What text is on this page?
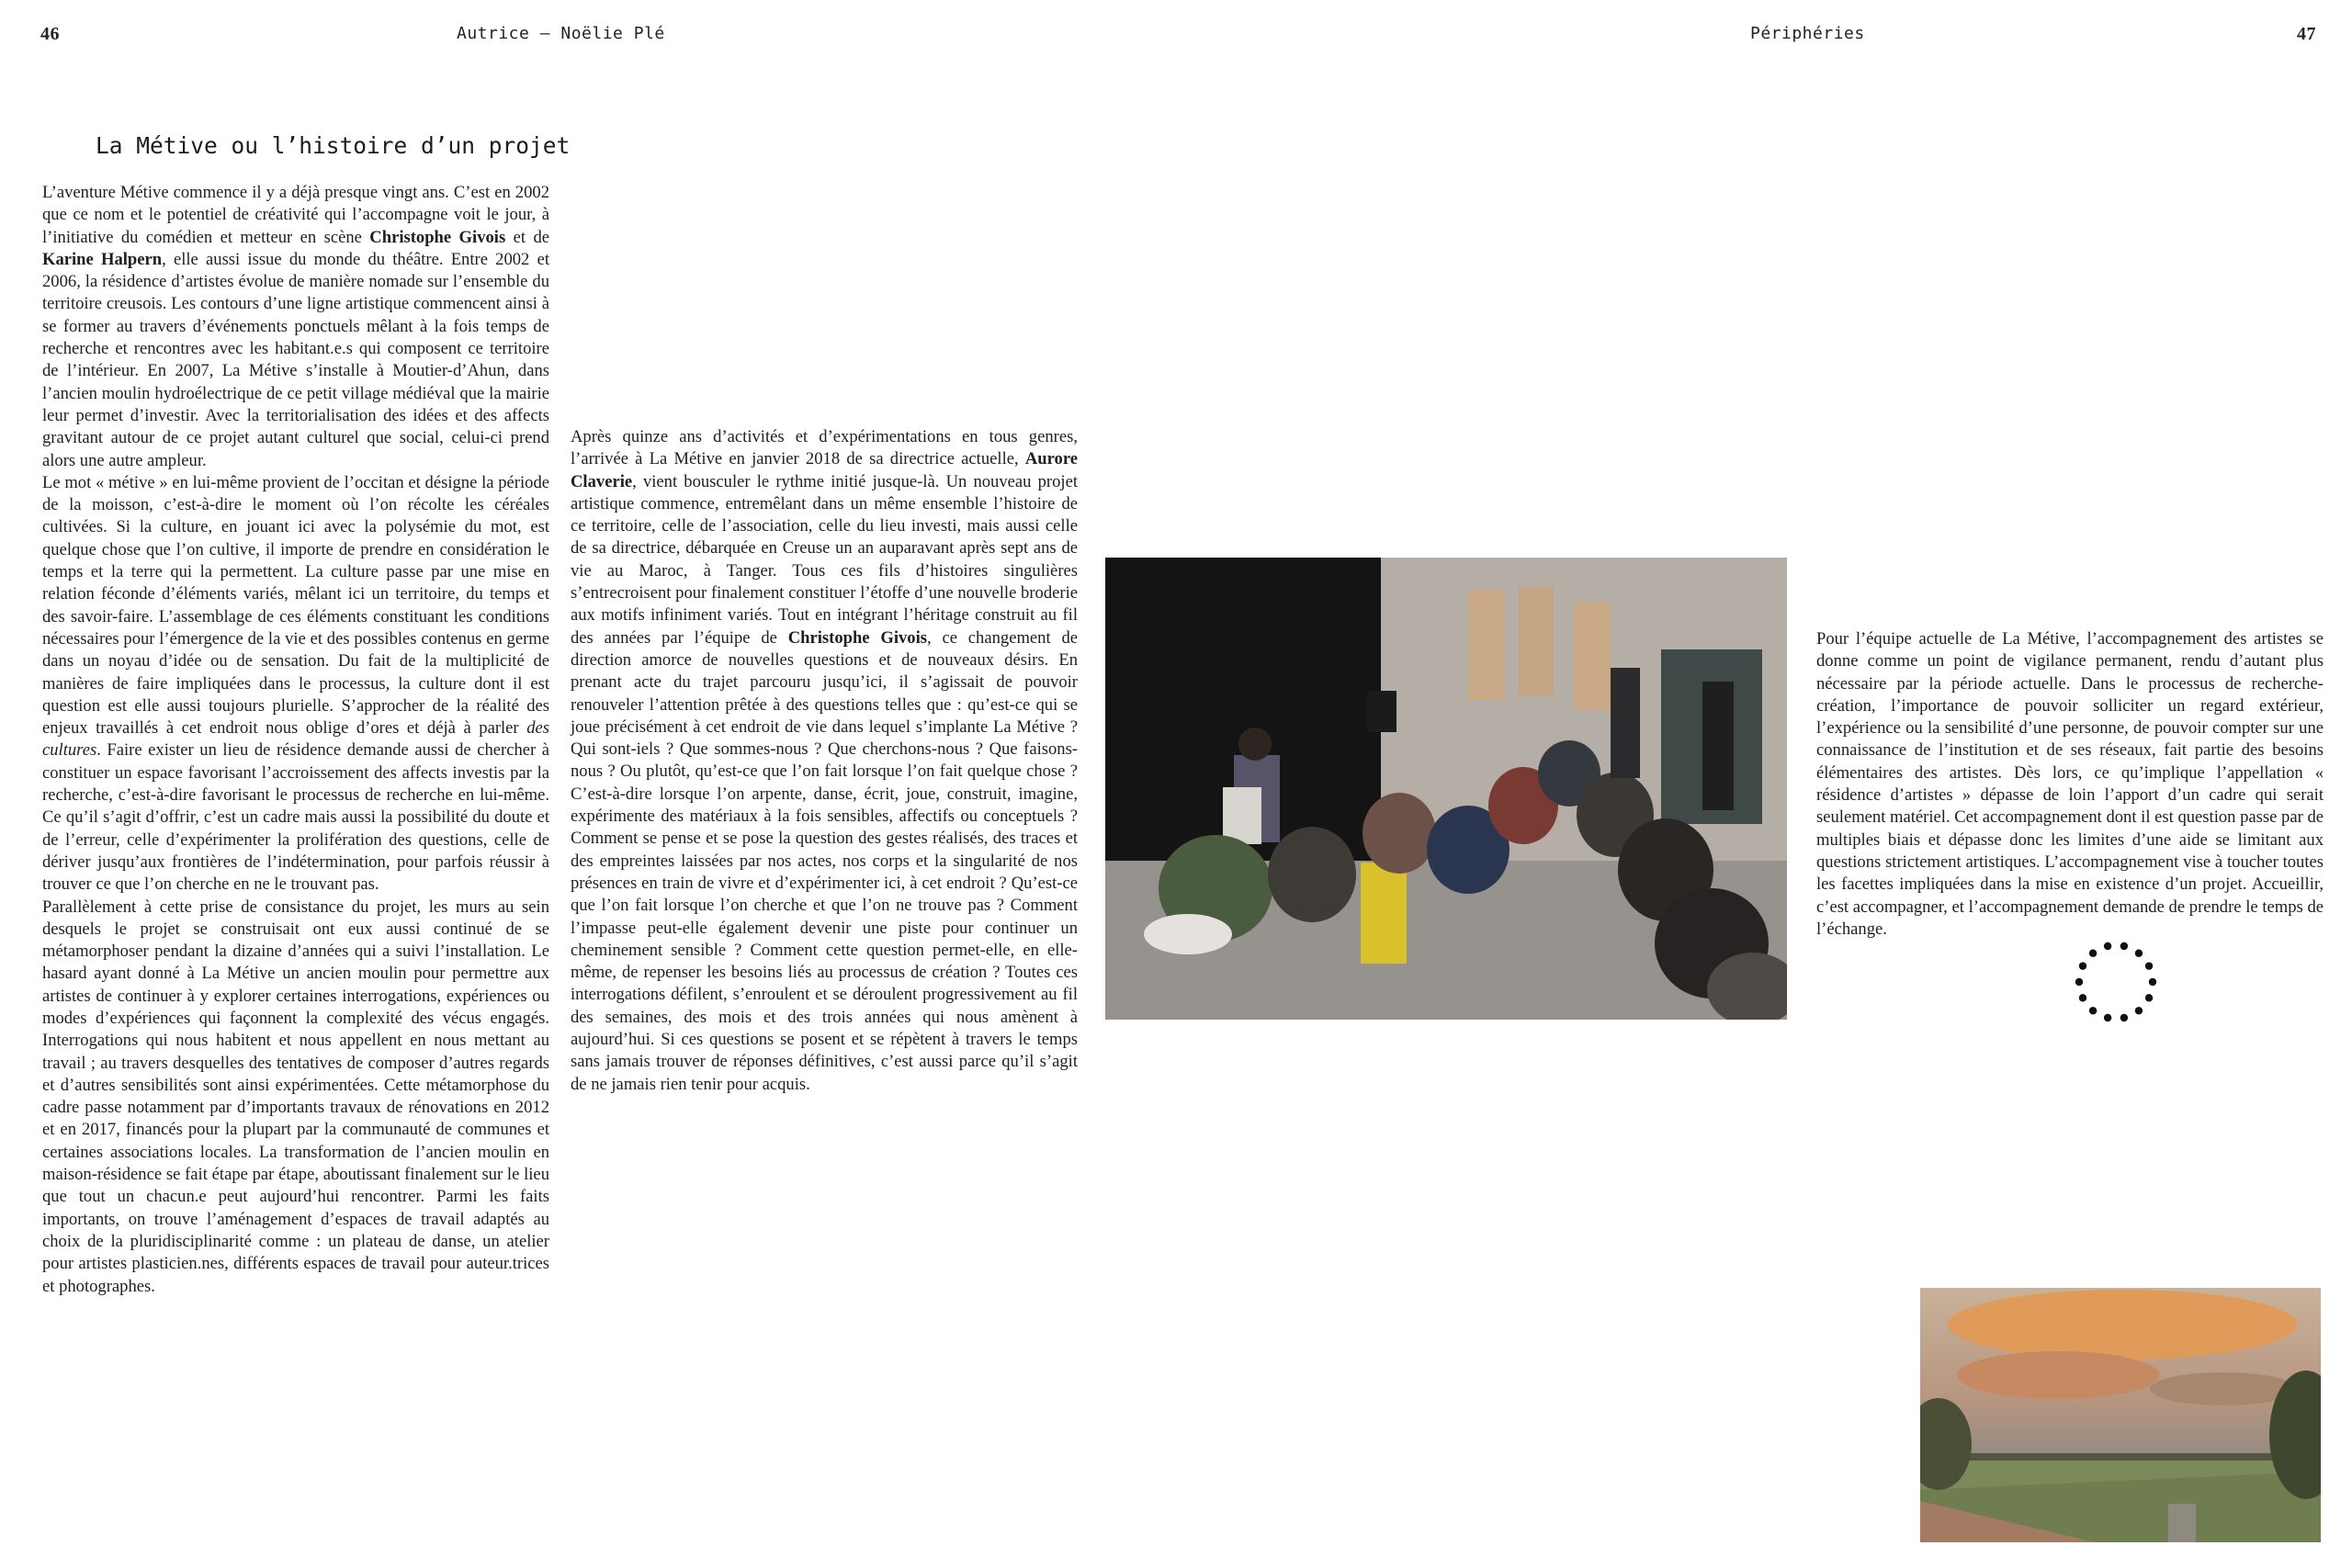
46	Autrice — Noëlie Plé	Périphéries	47

La Métive ou l’histoire d’un projet

L’aventure Métive commence il y a déjà presque vingt ans. C’est en 2002 que ce nom et le potentiel de créativité qui l’accompagne voit le jour, à l’initiative du comédien et metteur en scène Christophe Givois et de Karine Halpern, elle aussi issue du monde du théâtre. Entre 2002 et 2006, la résidence d’artistes évolue de manière nomade sur l’ensemble du territoire creusois. Les contours d’une ligne artistique commencent ainsi à se former au travers d’événements ponctuels mêlant à la fois temps de recherche et rencontres avec les habitant.e.s qui composent ce territoire de l’intérieur. En 2007, La Métive s’installe à Moutier-d’Ahun, dans l’ancien moulin hydroélectrique de ce petit village médiéval que la mairie leur permet d’investir. Avec la territorialisation des idées et des affects gravitant autour de ce projet autant culturel que social, celui-ci prend alors une autre ampleur.

Le mot « métive » en lui-même provient de l’occitan et désigne la période de la moisson, c’est-à-dire le moment où l’on récolte les céréales cultivées. Si la culture, en jouant ici avec la polysémie du mot, est quelque chose que l’on cultive, il importe de prendre en considération le temps et la terre qui la permettent. La culture passe par une mise en relation féconde d’éléments variés, mêlant ici un territoire, du temps et des savoir-faire. L’assemblage de ces éléments constituant les conditions nécessaires pour l’émergence de la vie et des possibles contenus en germe dans un noyau d’idée ou de sensation. Du fait de la multiplicité de manières de faire impliquées dans le processus, la culture dont il est question est elle aussi toujours plurielle. S’approcher de la réalité des enjeux travaillés à cet endroit nous oblige d’ores et déjà à parler des cultures. Faire exister un lieu de résidence demande aussi de chercher à constituer un espace favorisant l’accroissement des affects investis par la recherche, c’est-à-dire favorisant le processus de recherche en lui-même. Ce qu’il s’agit d’offrir, c’est un cadre mais aussi la possibilité du doute et de l’erreur, celle d’expérimenter la prolifération des questions, celle de dériver jusqu’aux frontières de l’indétermination, pour parfois réussir à trouver ce que l’on cherche en ne le trouvant pas.

Parallèlement à cette prise de consistance du projet, les murs au sein desquels le projet se construisait ont eux aussi continué de se métamorphoser pendant la dizaine d’années qui a suivi l’installation. Le hasard ayant donné à La Métive un ancien moulin pour permettre aux artistes de continuer à y explorer certaines interrogations, expériences ou modes d’expériences qui façonnent la complexité des vécus engagés. Interrogations qui nous habitent et nous appellent en nous mettant au travail ; au travers desquelles des tentatives de composer d’autres regards et d’autres sensibilités sont ainsi expérimentées. Cette métamorphose du cadre passe notamment par d’importants travaux de rénovations en 2012 et en 2017, financés pour la plupart par la communauté de communes et certaines associations locales. La transformation de l’ancien moulin en maison-résidence se fait étape par étape, aboutissant finalement sur le lieu que tout un chacun.e peut aujourd’hui rencontrer. Parmi les faits importants, on trouve l’aménagement d’espaces de travail adaptés au choix de la pluridisciplinarité comme : un plateau de danse, un atelier pour artistes plasticien.nes, différents espaces de travail pour auteur.trices et photographes.

Après quinze ans d’activités et d’expérimentations en tous genres, l’arrivée à La Métive en janvier 2018 de sa directrice actuelle, Aurore Claverie, vient bousculer le rythme initié jusque-là. Un nouveau projet artistique commence, entremêlant dans un même ensemble l’histoire de ce territoire, celle de l’association, celle du lieu investi, mais aussi celle de sa directrice, débarquée en Creuse un an auparavant après sept ans de vie au Maroc, à Tanger. Tous ces fils d’histoires singulières s’entrecroisent pour finalement constituer l’étoffe d’une nouvelle broderie aux motifs infiniment variés. Tout en intégrant l’héritage construit au fil des années par l’équipe de Christophe Givois, ce changement de direction amorce de nouvelles questions et de nouveaux désirs. En prenant acte du trajet parcouru jusqu’ici, il s’agissait de pouvoir renouveler l’attention prêtée à des questions telles que : qu’est-ce qui se joue précisément à cet endroit de vie dans lequel s’implante La Métive ? Qui sont-iels ? Que sommes-nous ? Que cherchons-nous ? Que faisons-nous ? Ou plutôt, qu’est-ce que l’on fait lorsque l’on fait quelque chose ? C’est-à-dire lorsque l’on arpente, danse, écrit, joue, construit, imagine, expérimente des matériaux à la fois sensibles, affectifs ou conceptuels ? Comment se pense et se pose la question des gestes réalisés, des traces et des empreintes laissées par nos actes, nos corps et la singularité de nos présences en train de vivre et d’expérimenter ici, à cet endroit ? Qu’est-ce que l’on fait lorsque l’on cherche et que l’on ne trouve pas ? Comment l’impasse peut-elle également devenir une piste pour continuer un cheminement sensible ? Comment cette question permet-elle, en elle-même, de repenser les besoins liés au processus de création ? Toutes ces interrogations défilent, s’enroulent et se déroulent progressivement au fil des semaines, des mois et des trois années qui nous amènent à aujourd’hui. Si ces questions se posent et se répètent à travers le temps sans jamais trouver de réponses définitives, c’est aussi parce qu’il s’agit de ne jamais rien tenir pour acquis.

Pour l’équipe actuelle de La Métive, l’accompagnement des artistes se donne comme un point de vigilance permanent, rendu d’autant plus nécessaire par la période actuelle. Dans le processus de recherche-création, l’importance de pouvoir solliciter un regard extérieur, l’expérience ou la sensibilité d’une personne, de pouvoir compter sur une connaissance de l’institution et de ses réseaux, fait partie des besoins élémentaires des artistes. Dès lors, ce qu’implique l’appellation « résidence d’artistes » dépasse de loin l’apport d’un cadre qui serait seulement matériel. Cet accompagnement dont il est question passe par de multiples biais et dépasse donc les limites d’une aide se limitant aux questions strictement artistiques. L’accompagnement vise à toucher toutes les facettes impliquées dans la mise en existence d’un projet. Accueillir, c’est accompagner, et l’accompagnement demande de prendre le temps de l’échange.
